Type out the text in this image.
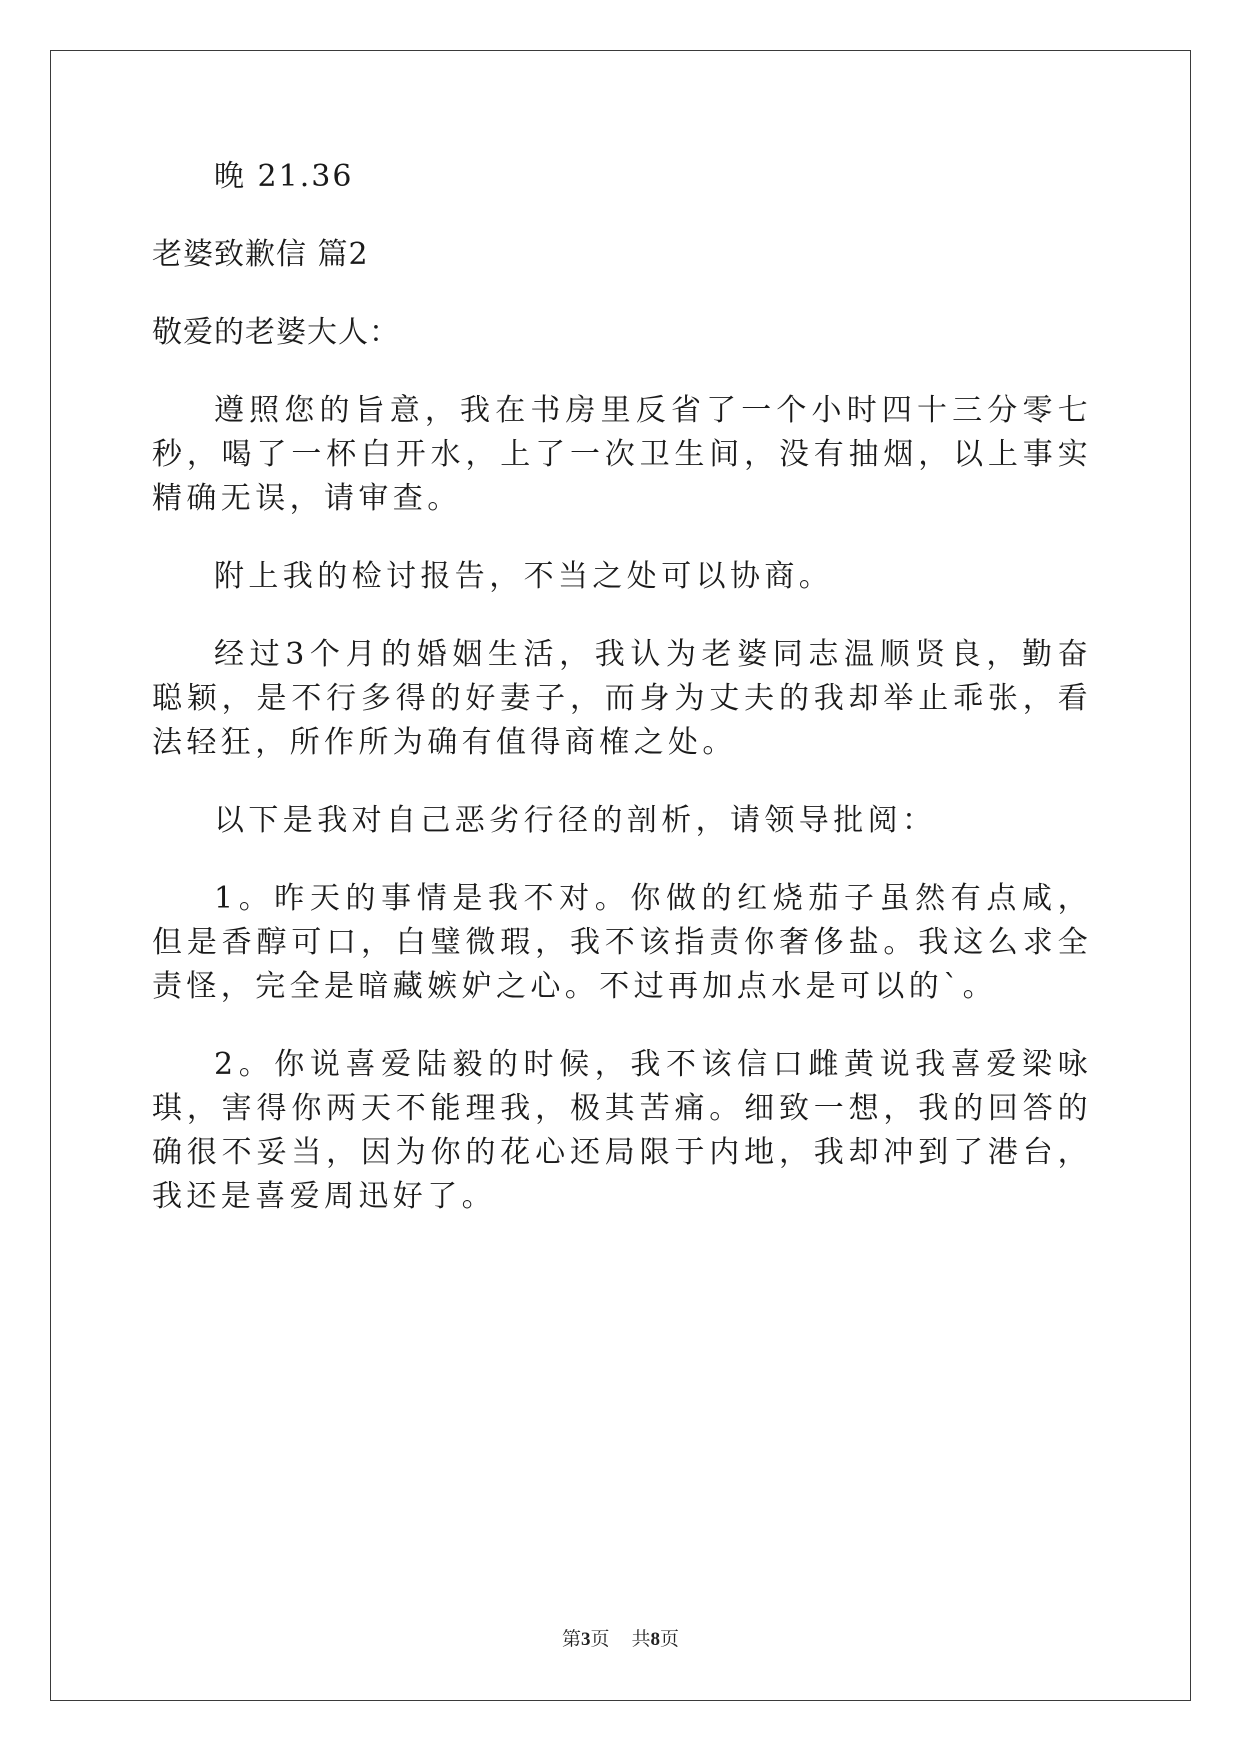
晚 21.36

老婆致歉信 篇2

敬爱的老婆大人：

遵照您的旨意，我在书房里反省了一个小时四十三分零七秒，喝了一杯白开水，上了一次卫生间，没有抽烟，以上事实精确无误，请审查。

附上我的检讨报告，不当之处可以协商。

经过3个月的婚姻生活，我认为老婆同志温顺贤良，勤奋聪颖，是不行多得的好妻子，而身为丈夫的我却举止乖张，看法轻狂，所作所为确有值得商榷之处。

以下是我对自己恶劣行径的剖析，请领导批阅：

1。昨天的事情是我不对。你做的红烧茄子虽然有点咸，但是香醇可口，白璧微瑕，我不该指责你奢侈盐。我这么求全责怪，完全是暗藏嫉妒之心。不过再加点水是可以的`。

2。你说喜爱陆毅的时候，我不该信口雌黄说我喜爱梁咏琪，害得你两天不能理我，极其苦痛。细致一想，我的回答的确很不妥当，因为你的花心还局限于内地，我却冲到了港台，我还是喜爱周迅好了。

第3页 共8页
